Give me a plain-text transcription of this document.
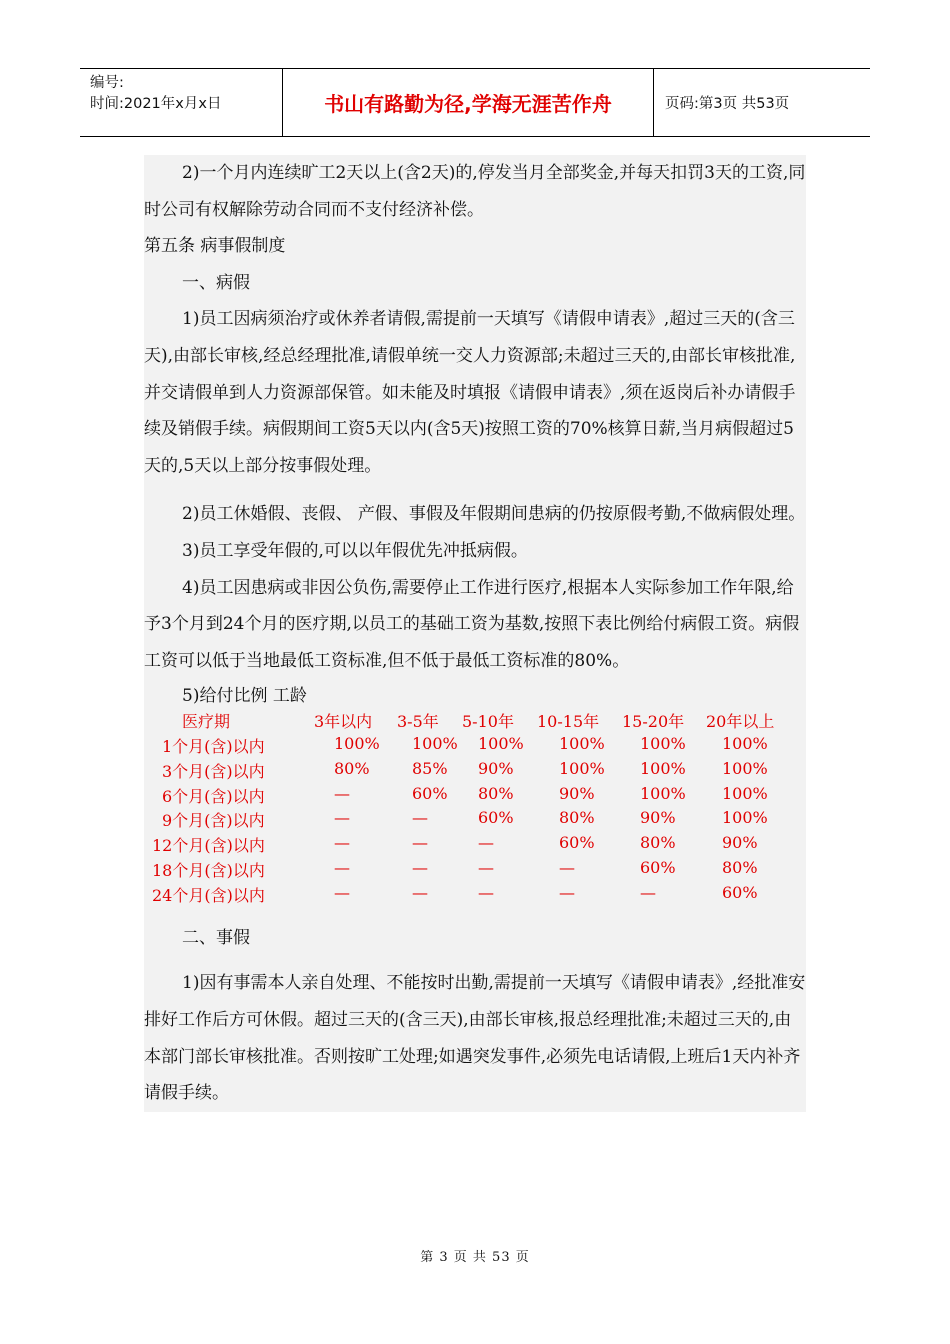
编号:
时间:2021年x月x日	书山有路勤为径,学海无涯苦作舟	页码:第3页 共53页

2)一个月内连续旷工2天以上(含2天)的,停发当月全部奖金,并每天扣罚3天的工资,同时公司有权解除劳动合同而不支付经济补偿。

第五条 病事假制度

一、病假

1)员工因病须治疗或休养者请假,需提前一天填写《请假申请表》,超过三天的(含三天),由部长审核,经总经理批准,请假单统一交人力资源部;未超过三天的,由部长审核批准,并交请假单到人力资源部保管。如未能及时填报《请假申请表》,须在返岗后补办请假手续及销假手续。病假期间工资5天以内(含5天)按照工资的70%核算日薪,当月病假超过5天的,5天以上部分按事假处理。

2)员工休婚假、丧假、 产假、事假及年假期间患病的仍按原假考勤,不做病假处理。

3)员工享受年假的,可以以年假优先冲抵病假。

4)员工因患病或非因公负伤,需要停止工作进行医疗,根据本人实际参加工作年限,给予3个月到24个月的医疗期,以员工的基础工资为基数,按照下表比例给付病假工资。病假工资可以低于当地最低工资标准,但不低于最低工资标准的80%。

5)给付比例 工龄

医疗期	3年以内 3-5年 5-10年 10-15年 15-20年 20年以上
1个月(含)以内	100% 100% 100% 100% 100% 100%
3个月(含)以内	80%	85% 90%	100% 100% 100%
6个月(含)以内	—	60% 80%	90%	100% 100%
9个月(含)以内	—	—	60%	80%	90%	100%
12个月(含)以内	—	—	—	60%	80%	90%
18个月(含)以内	—	—	—	—	60%	80%
24个月(含)以内	—	—	—	—	—	60%

二、事假

1)因有事需本人亲自处理、不能按时出勤,需提前一天填写《请假申请表》,经批准安排好工作后方可休假。超过三天的(含三天),由部长审核,报总经理批准;未超过三天的,由本部门部长审核批准。否则按旷工处理;如遇突发事件,必须先电话请假,上班后1天内补齐请假手续。

第 3 页 共 53 页
